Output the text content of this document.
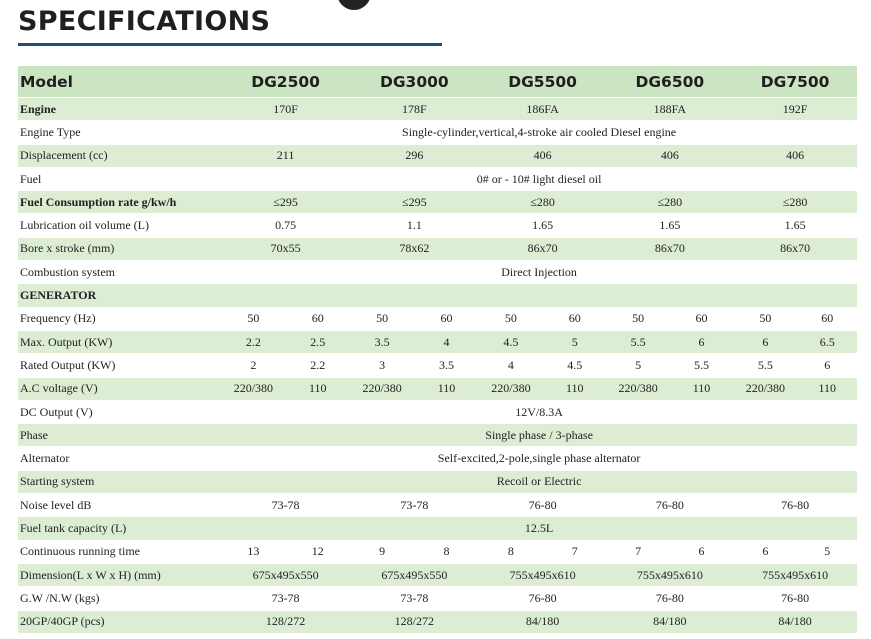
SPECIFICATIONS
Model	DG2500		DG3000		DG5500		DG6500		DG7500	
Engine	170F		178F		186FA		188FA		192F	
Engine Type	Single-cylinder,vertical,4-stroke air cooled Diesel engine									
Displacement (cc)	211		296		406		406		406	
Fuel	0# or - 10# light diesel oil									
Fuel Consumption rate g/kw/h	≤295		≤295		≤280		≤280		≤280	
Lubrication oil volume (L)	0.75		1.1		1.65		1.65		1.65	
Bore x stroke (mm)	70x55		78x62		86x70		86x70		86x70	
Combustion system	Direct Injection									
GENERATOR										
Frequency (Hz)	50	60	50	60	50	60	50	60	50	60
Max. Output (KW)	2.2	2.5	3.5	4	4.5	5	5.5	6	6	6.5
Rated Output (KW)	2	2.2	3	3.5	4	4.5	5	5.5	5.5	6
A.C voltage (V)	220/380	110	220/380	110	220/380	110	220/380	110	220/380	110
DC Output (V)	12V/8.3A									
Phase	Single phase / 3-phase									
Alternator	Self-excited,2-pole,single phase alternator									
Starting system	Recoil or Electric									
Noise level dB	73-78		73-78		76-80		76-80		76-80	
Fuel tank capacity (L)	12.5L									
Continuous running time	13	12	9	8	8	7	7	6	6	5
Dimension(L x W x H) (mm)	675x495x550		675x495x550		755x495x610		755x495x610		755x495x610	
G.W /N.W (kgs)	73-78		73-78		76-80		76-80		76-80	
20GP/40GP (pcs)	128/272		128/272		84/180		84/180		84/180	
